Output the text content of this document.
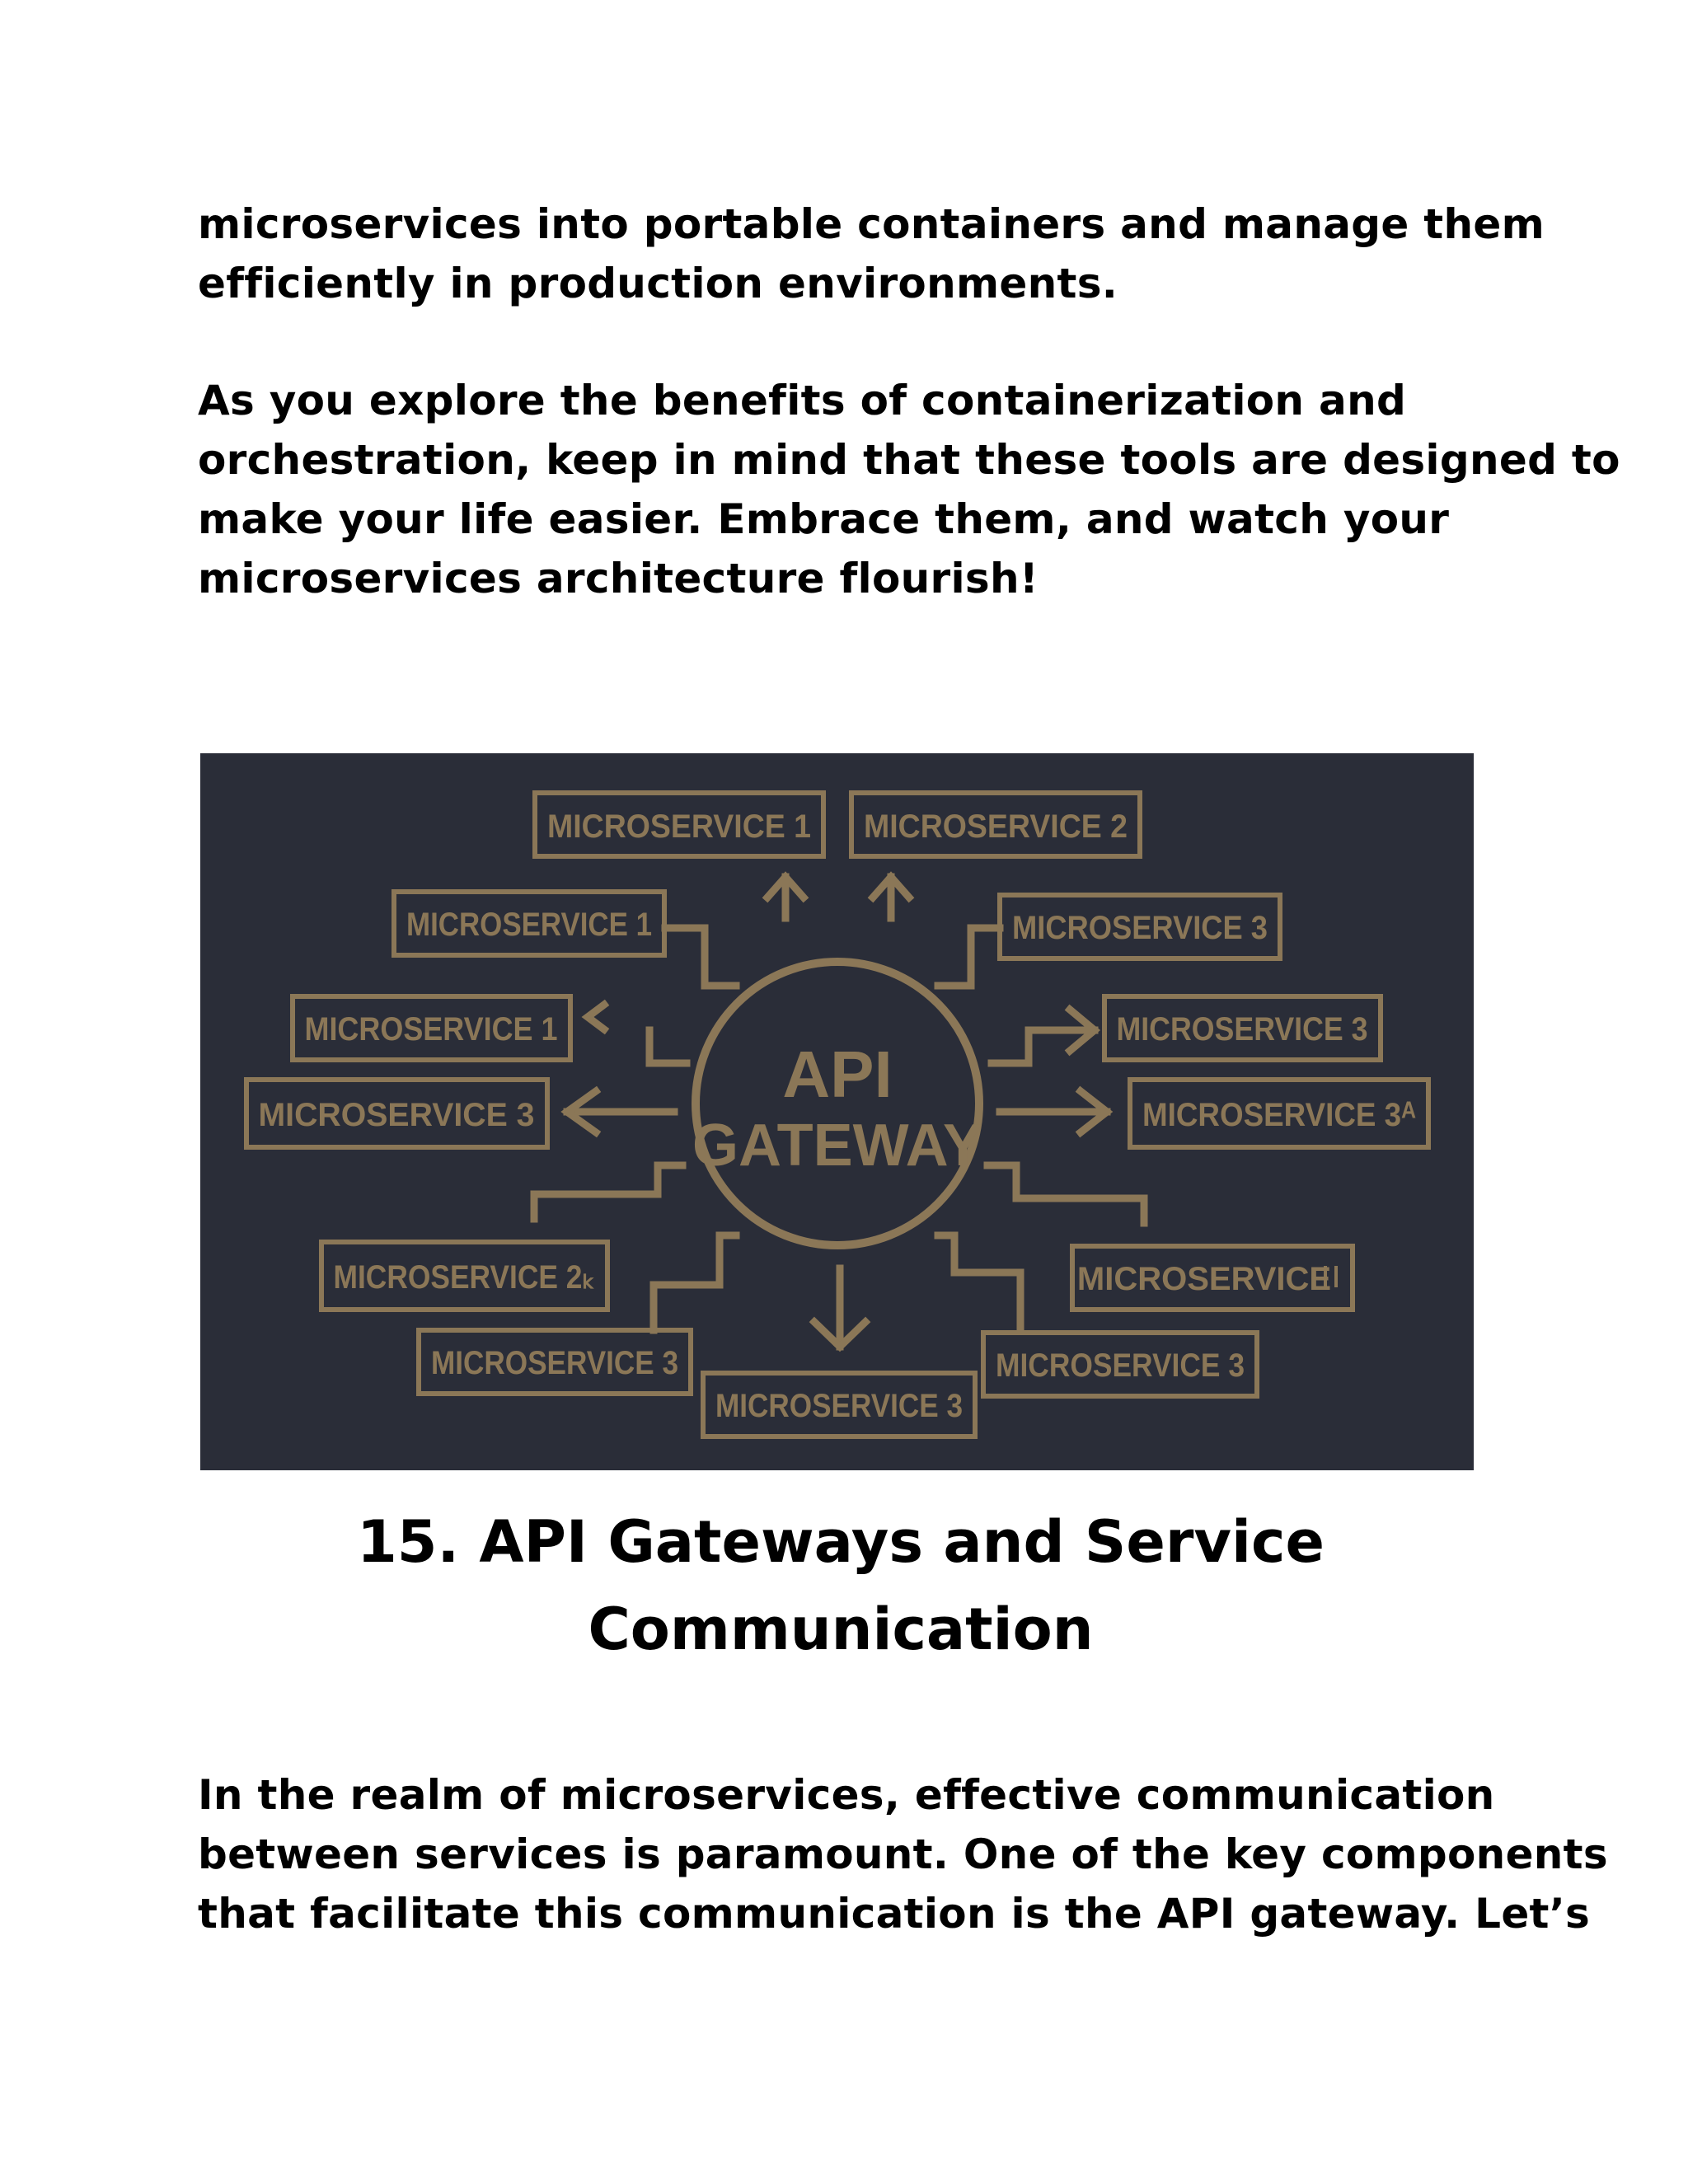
microservices into portable containers and manage them
efficiently in production environments.
As you explore the benefits of containerization and
orchestration, keep in mind that these tools are designed to
make your life easier. Embrace them, and watch your
microservices architecture flourish!
API
GATEWAY
MICROSERVICE 1 MICROSERVICE 2
MICROSERVICE 1	MICROSERVICE 3
MICROSERVICE 1
MICROSERVICE 3
MICROSERVICE 3
MICROSERVICE 3ᴬ
MICROSERVICE 2ₖ	MICROSERVICE
MICROSERVICE 3	MICROSERVICE 3
MICROSERVICE 3
15. API Gateways and Service
Communication
In the realm of microservices, effective communication
between services is paramount. One of the key components
that facilitate this communication is the API gateway. Let’s
